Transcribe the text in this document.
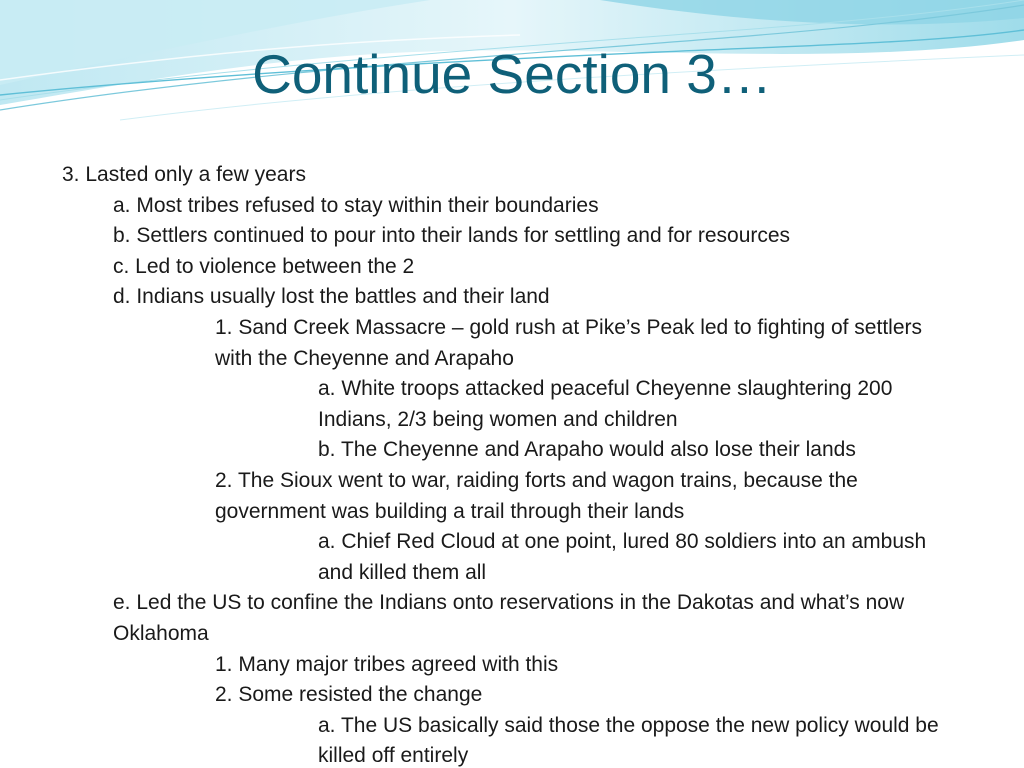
Continue Section 3…

3. Lasted only a few years

a. Most tribes refused to stay within their boundaries

b. Settlers continued to pour into their lands for settling and for resources

c. Led to violence between the 2

d. Indians usually lost the battles and their land

1. Sand Creek Massacre – gold rush at Pike’s Peak led to fighting of settlers

with the Cheyenne and Arapaho

a. White troops attacked peaceful Cheyenne slaughtering 200

Indians, 2/3 being women and children

b. The Cheyenne and Arapaho would also lose their lands

2. The Sioux went to war, raiding forts and wagon trains, because the

government was building a trail through their lands

a. Chief Red Cloud at one point, lured 80 soldiers into an ambush

and killed them all

e. Led the US to confine the Indians onto reservations in the Dakotas and what’s now

Oklahoma

1. Many major tribes agreed with this

2. Some resisted the change

a. The US basically said those the oppose the new policy would be

killed off entirely
